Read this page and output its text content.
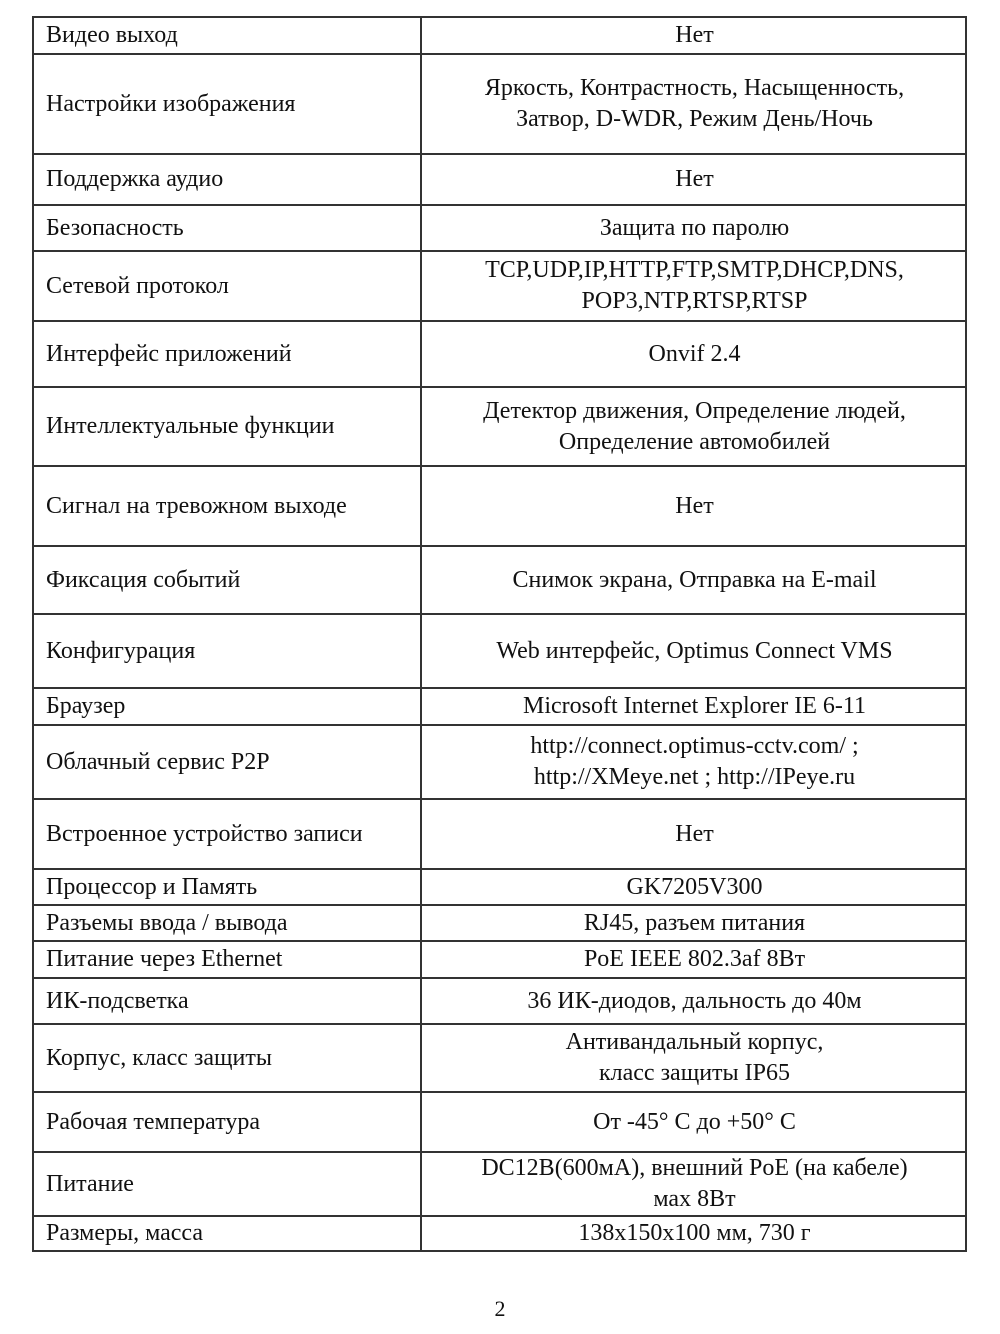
Видео выход	Нет
Настройки изображения	Яркость, Контрастность, Насыщенность,
Затвор, D-WDR, Режим День/Ночь
Поддержка аудио	Нет
Безопасность	Защита по паролю
Сетевой протокол	TCP,UDP,IP,HTTP,FTP,SMTP,DHCP,DNS,
POP3,NTP,RTSP,RTSP
Интерфейс приложений	Onvif 2.4
Интеллектуальные функции	Детектор движения, Определение людей,
Определение автомобилей
Сигнал на тревожном выходе	Нет
Фиксация событий	Снимок экрана, Отправка на E-mail
Конфигурация	Web интерфейс, Optimus Connect VMS
Браузер	Microsoft Internet Explorer IE 6-11
Облачный сервис P2P	http://connect.optimus-cctv.com/ ;
http://XMeye.net ; http://IPeye.ru
Встроенное устройство записи	Нет
Процессор и Память	GK7205V300
Разъемы ввода / вывода	RJ45, разъем питания
Питание через Ethernet	PoE IEEE 802.3af 8Вт
ИК-подсветка	36 ИК-диодов, дальность до 40м
Корпус, класс защиты	Антивандальный корпус,
класс защиты IP65
Рабочая температура	От -45° С до +50° С
Питание	DC12В(600мА), внешний PoE (на кабеле)
мах 8Вт
Размеры, масса	138х150х100 мм, 730 г
2
